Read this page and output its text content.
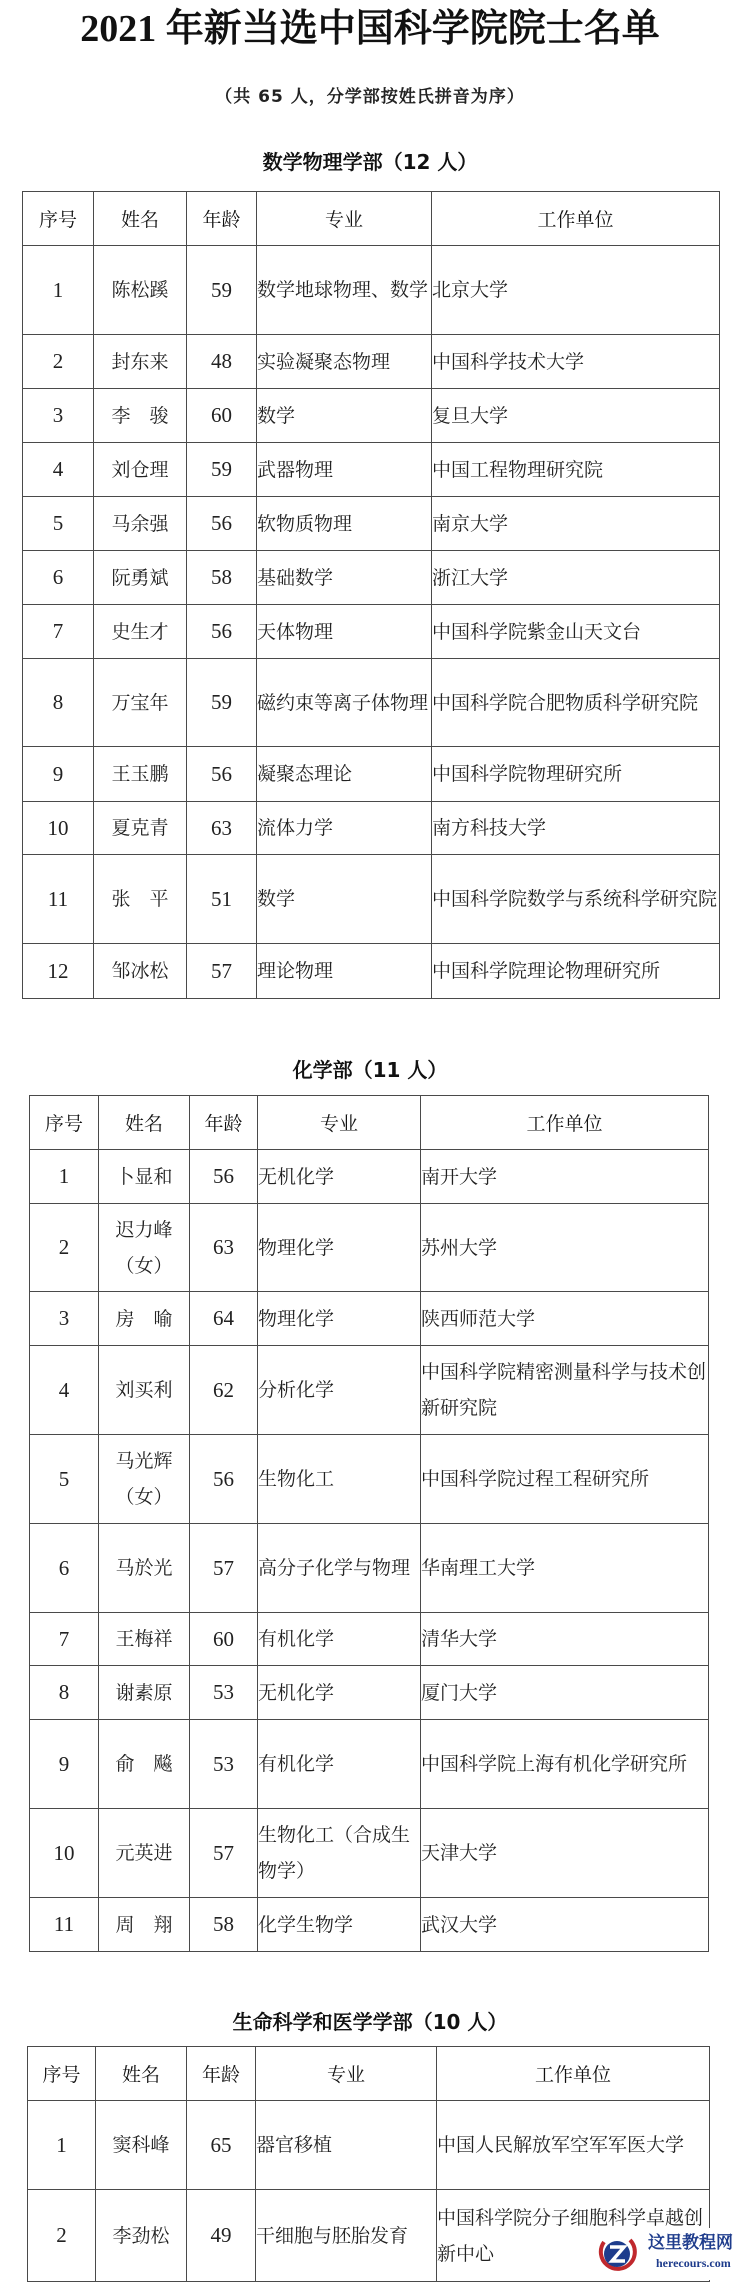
2021 年新当选中国科学院院士名单
（共 65 人，分学部按姓氏拼音为序）
数学物理学部（12 人）
序号	姓名	年龄	专业	工作单位
1	陈松蹊	59	数学地球物理、数学	北京大学
2	封东来	48	实验凝聚态物理	中国科学技术大学
3	李　骏	60	数学	复旦大学
4	刘仓理	59	武器物理	中国工程物理研究院
5	马余强	56	软物质物理	南京大学
6	阮勇斌	58	基础数学	浙江大学
7	史生才	56	天体物理	中国科学院紫金山天文台
8	万宝年	59	磁约束等离子体物理	中国科学院合肥物质科学研究院
9	王玉鹏	56	凝聚态理论	中国科学院物理研究所
10	夏克青	63	流体力学	南方科技大学
11	张　平	51	数学	中国科学院数学与系统科学研究院
12	邹冰松	57	理论物理	中国科学院理论物理研究所
化学部（11 人）
序号	姓名	年龄	专业	工作单位
1	卜显和	56	无机化学	南开大学
2	迟力峰（女）	63	物理化学	苏州大学
3	房　喻	64	物理化学	陕西师范大学
4	刘买利	62	分析化学	中国科学院精密测量科学与技术创新研究院
5	马光辉（女）	56	生物化工	中国科学院过程工程研究所
6	马於光	57	高分子化学与物理	华南理工大学
7	王梅祥	60	有机化学	清华大学
8	谢素原	53	无机化学	厦门大学
9	俞　飚	53	有机化学	中国科学院上海有机化学研究所
10	元英进	57	生物化工（合成生物学）	天津大学
11	周　翔	58	化学生物学	武汉大学
生命科学和医学学部（10 人）
序号	姓名	年龄	专业	工作单位
1	窦科峰	65	器官移植	中国人民解放军空军军医大学
2	李劲松	49	干细胞与胚胎发育	中国科学院分子细胞科学卓越创新中心	这里教程网
herecours.com
